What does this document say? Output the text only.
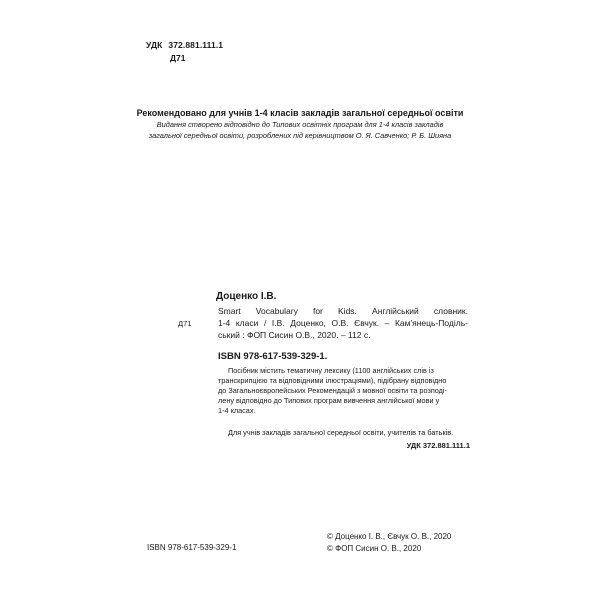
УДК 372.881.111.1
Д71
Рекомендовано для учнів 1-4 класів закладів загальної середньої освіти
Видання створено відповідно до Типових освітніх програм для 1-4 класів закладів
загальної середньої освіти, розроблених під керівництвом О. Я. Савченко; Р. Б. Шияна
Доценко І.В.
Д71
Smart Vocabulary for Kids. Англійський словник.
1-4 класи / І.В. Доценко, О.В. Євчук. – Кам'янець-Поділь-
ський : ФОП Сисин О.В., 2020. – 112 с.
ISBN 978-617-539-329-1.
Посібник містить тематичну лексику (1100 англійських слів із
транскрипцією та відповідними ілюстраціями), підібрану відповідно
до Загальноєвропейських Рекомендацій з мовної освіти та розподі-
лену відповідно до Типових програм вивчення англійської мови у
1-4 класах.
Для учнів закладів загальної середньої освіти, учителів та батьків.
УДК 372.881.111.1
ISBN 978-617-539-329-1
© Доценко І. В., Євчук О. В., 2020
© ФОП Сисин О. В., 2020
